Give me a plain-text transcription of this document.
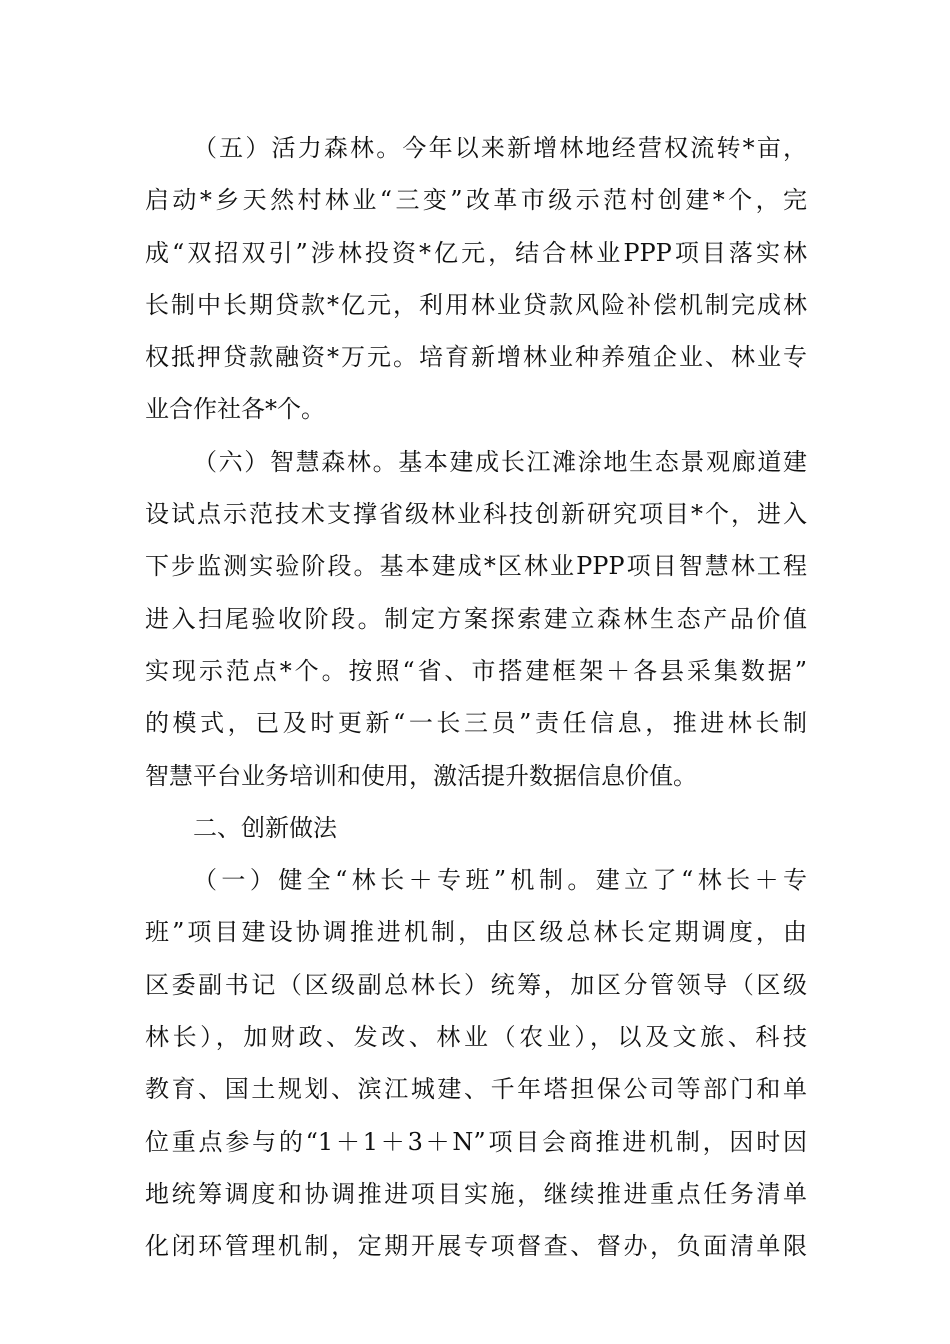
（五）活力森林。今年以来新增林地经营权流转*亩，
启动*乡天然村林业“三变”改革市级示范村创建*个，完
成“双招双引”涉林投资*亿元，结合林业PPP项目落实林
长制中长期贷款*亿元，利用林业贷款风险补偿机制完成林
权抵押贷款融资*万元。培育新增林业种养殖企业、林业专
业合作社各*个。
（六）智慧森林。基本建成长江滩涂地生态景观廊道建
设试点示范技术支撑省级林业科技创新研究项目*个，进入
下步监测实验阶段。基本建成*区林业PPP项目智慧林工程
进入扫尾验收阶段。制定方案探索建立森林生态产品价值
实现示范点*个。按照“省、市搭建框架＋各县采集数据”
的模式，已及时更新“一长三员”责任信息，推进林长制
智慧平台业务培训和使用，激活提升数据信息价值。
二、创新做法
（一）健全“林长＋专班”机制。建立了“林长＋专
班”项目建设协调推进机制，由区级总林长定期调度，由
区委副书记（区级副总林长）统筹，加区分管领导（区级
林长），加财政、发改、林业（农业），以及文旅、科技
教育、国土规划、滨江城建、千年塔担保公司等部门和单
位重点参与的“1＋1＋3＋N”项目会商推进机制，因时因
地统筹调度和协调推进项目实施，继续推进重点任务清单
化闭环管理机制，定期开展专项督查、督办，负面清单限
